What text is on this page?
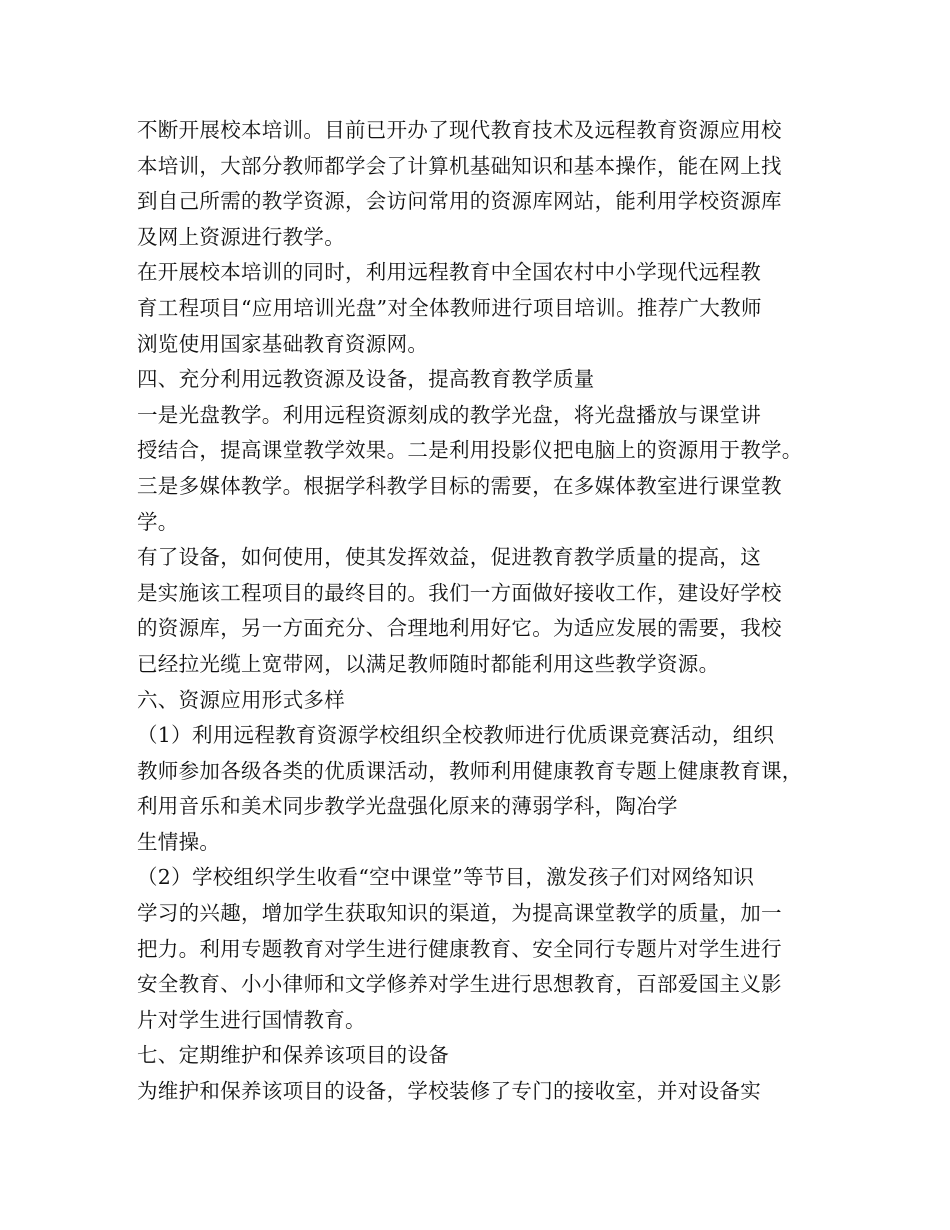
不断开展校本培训。目前已开办了现代教育技术及远程教育资源应用校
本培训，大部分教师都学会了计算机基础知识和基本操作，能在网上找
到自己所需的教学资源，会访问常用的资源库网站，能利用学校资源库
及网上资源进行教学。
在开展校本培训的同时，利用远程教育中全国农村中小学现代远程教
育工程项目“应用培训光盘”对全体教师进行项目培训。推荐广大教师
浏览使用国家基础教育资源网。
四、充分利用远教资源及设备，提高教育教学质量
一是光盘教学。利用远程资源刻成的教学光盘，将光盘播放与课堂讲
授结合，提高课堂教学效果。二是利用投影仪把电脑上的资源用于教学。
三是多媒体教学。根据学科教学目标的需要，在多媒体教室进行课堂教
学。
有了设备，如何使用，使其发挥效益，促进教育教学质量的提高，这
是实施该工程项目的最终目的。我们一方面做好接收工作，建设好学校
的资源库，另一方面充分、合理地利用好它。为适应发展的需要，我校
已经拉光缆上宽带网，以满足教师随时都能利用这些教学资源。
六、资源应用形式多样
（1）利用远程教育资源学校组织全校教师进行优质课竞赛活动，组织
教师参加各级各类的优质课活动，教师利用健康教育专题上健康教育课，
利用音乐和美术同步教学光盘强化原来的薄弱学科，陶冶学
生情操。
（2）学校组织学生收看“空中课堂”等节目，激发孩子们对网络知识
学习的兴趣，增加学生获取知识的渠道，为提高课堂教学的质量，加一
把力。利用专题教育对学生进行健康教育、安全同行专题片对学生进行
安全教育、小小律师和文学修养对学生进行思想教育，百部爱国主义影
片对学生进行国情教育。
七、定期维护和保养该项目的设备
为维护和保养该项目的设备，学校装修了专门的接收室，并对设备实
